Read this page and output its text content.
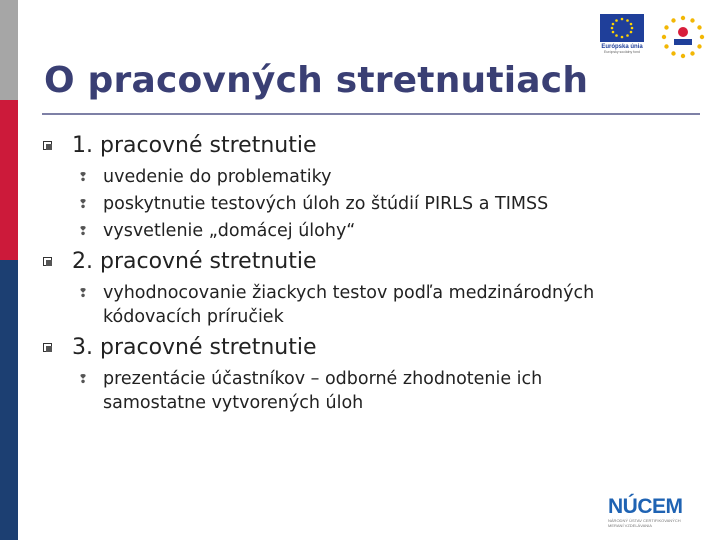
Európska únia
Európsky sociálny fond
O pracovných stretnutiach
1. pracovné stretnutie
❢ uvedenie do problematiky
❢ poskytnutie testových úloh zo štúdií PIRLS a TIMSS
❢ vysvetlenie „domácej úlohy“
2. pracovné stretnutie
❢ vyhodnocovanie žiackych testov podľa medzinárodných
kódovacích príručiek
3. pracovné stretnutie
❢ prezentácie účastníkov – odborné zhodnotenie ich
samostatne vytvorených úloh
NÚCEM
NÁRODNÝ ÚSTAV CERTIFIKOVANÝCH MERANÍ VZDELÁVANIA
